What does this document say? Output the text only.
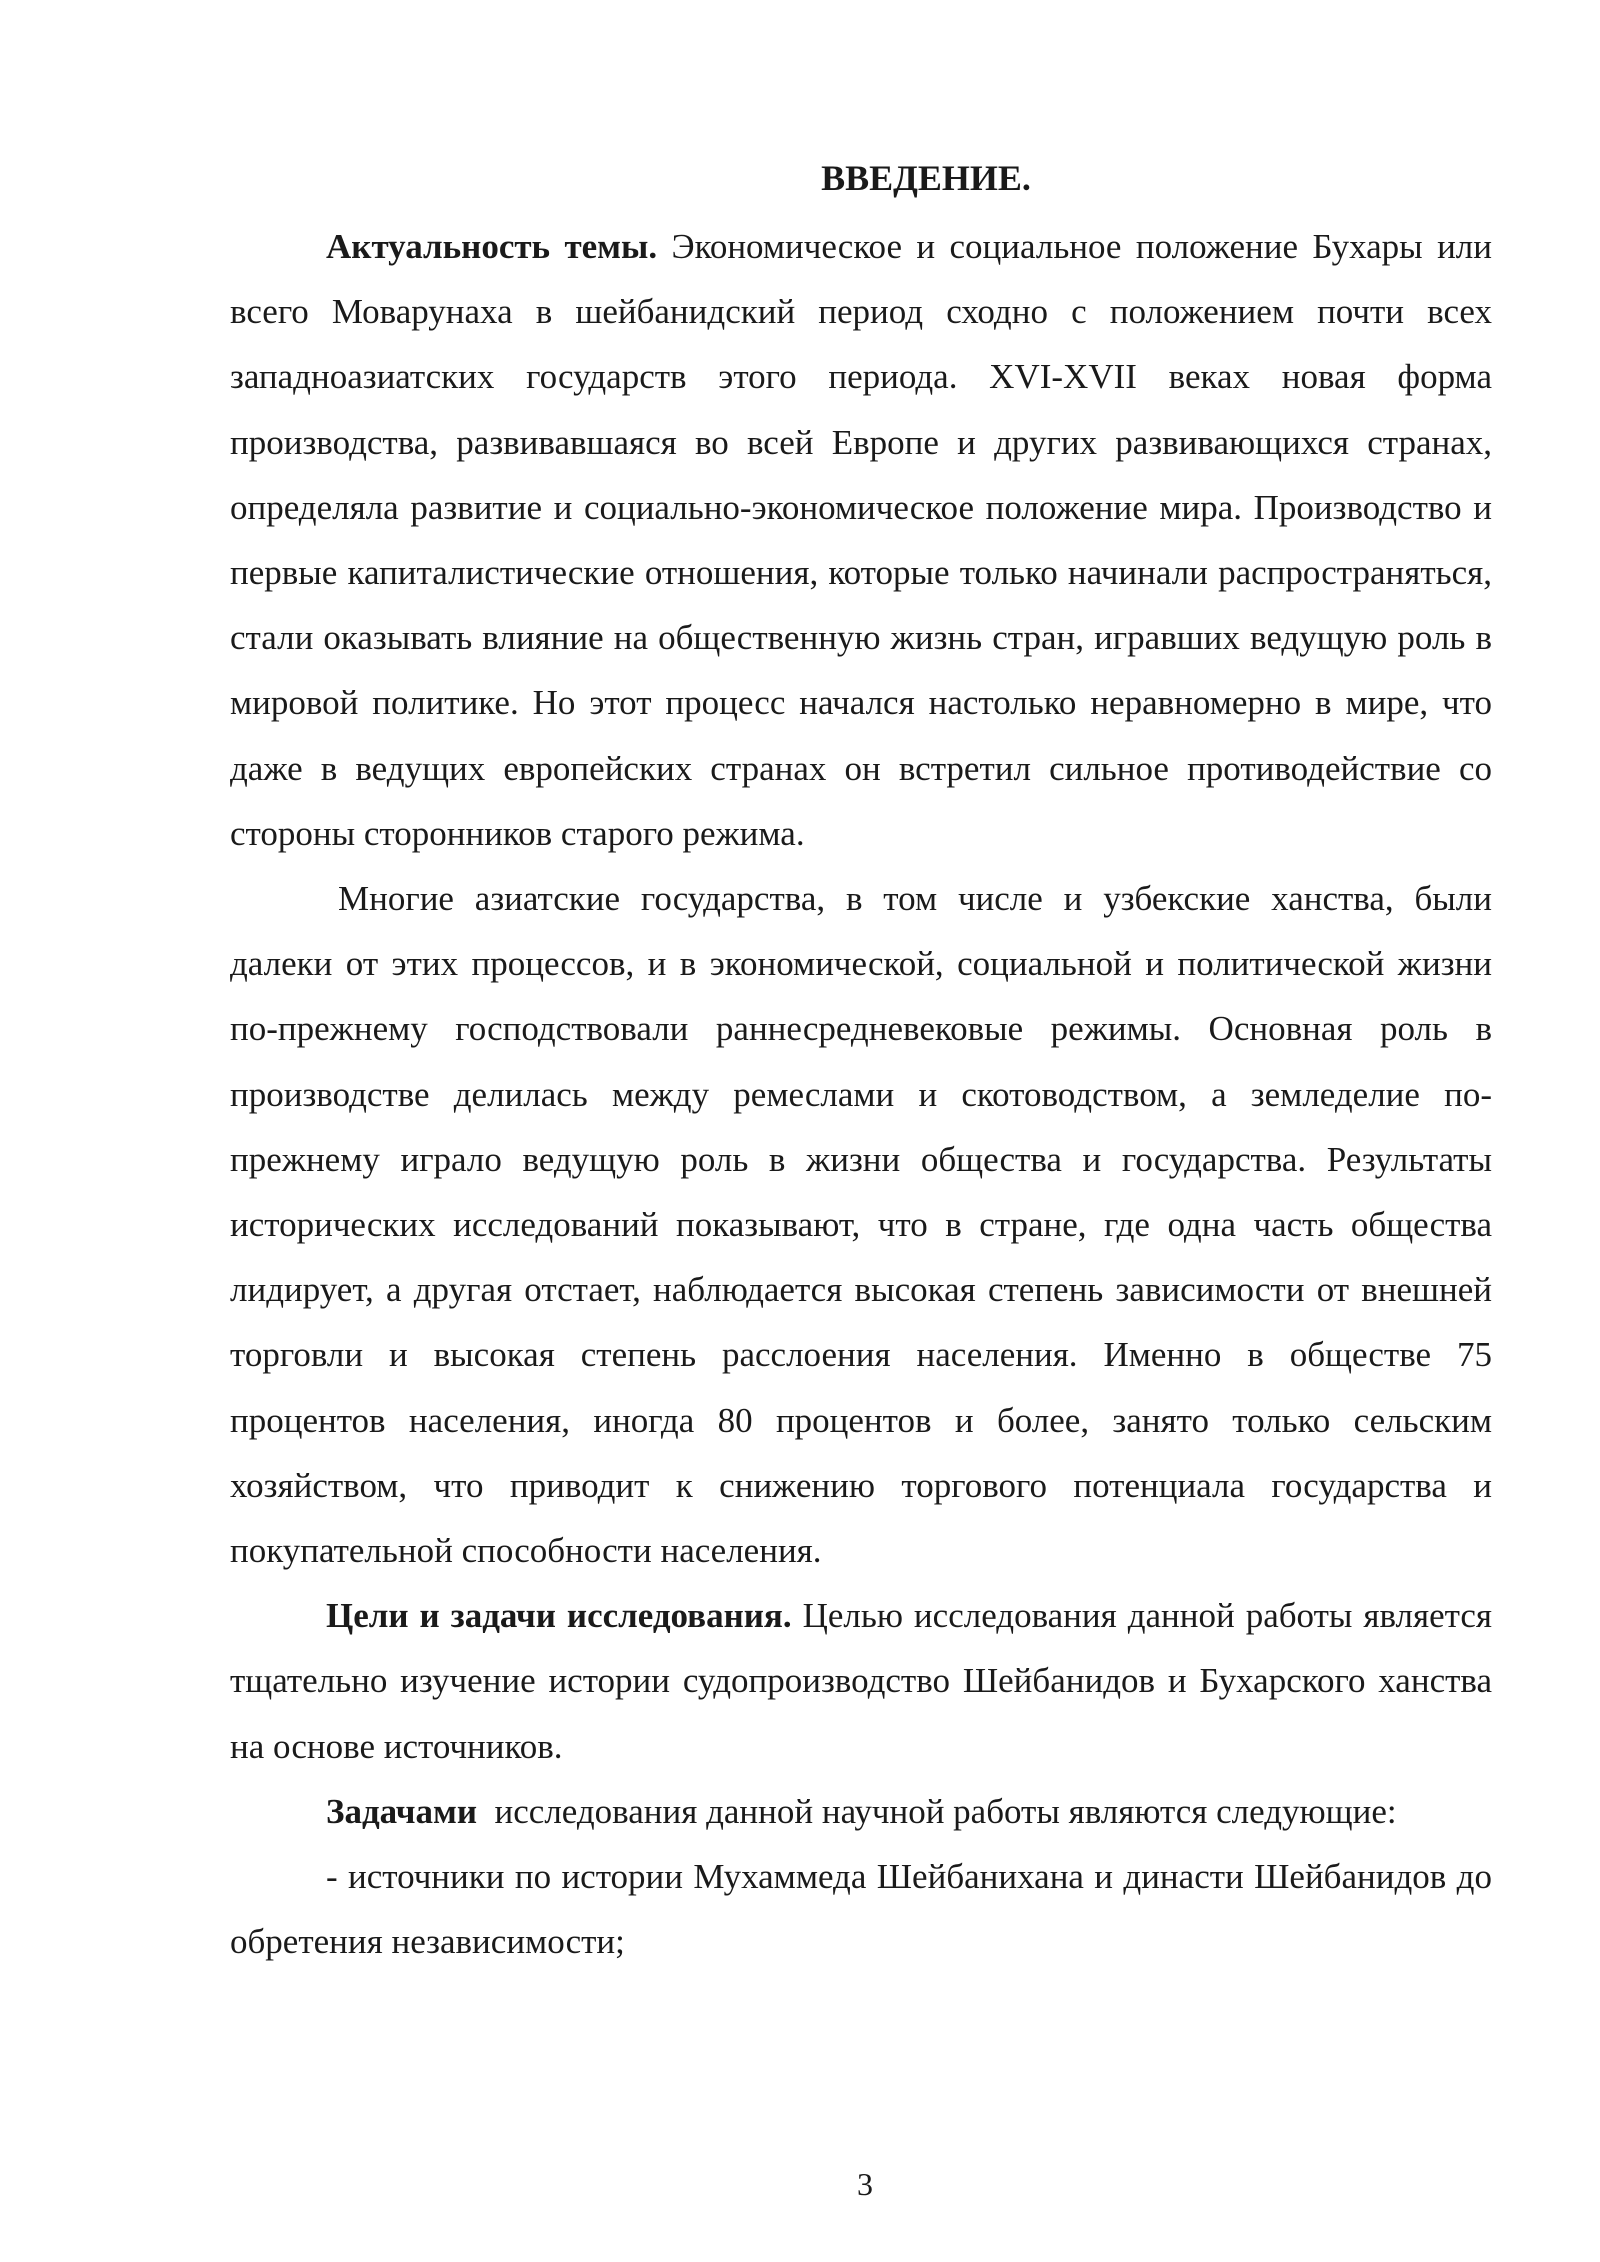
ВВЕДЕНИЕ.

Актуальность темы. Экономическое и социальное положение Бухары или всего Моварунаха в шейбанидский период сходно с положением почти всех западноазиатских государств этого периода. XVI-XVII веках новая форма производства, развивавшаяся во всей Европе и других развивающихся странах, определяла развитие и социально-экономическое положение мира. Производство и первые капиталистические отношения, которые только начинали распространяться, стали оказывать влияние на общественную жизнь стран, игравших ведущую роль в мировой политике. Но этот процесс начался настолько неравномерно в мире, что даже в ведущих европейских странах он встретил сильное противодействие со стороны сторонников старого режима.

Многие азиатские государства, в том числе и узбекские ханства, были далеки от этих процессов, и в экономической, социальной и политической жизни по-прежнему господствовали раннесредневековые режимы. Основная роль в производстве делилась между ремеслами и скотоводством, а земледелие по-прежнему играло ведущую роль в жизни общества и государства. Результаты исторических исследований показывают, что в стране, где одна часть общества лидирует, а другая отстает, наблюдается высокая степень зависимости от внешней торговли и высокая степень расслоения населения. Именно в обществе 75 процентов населения, иногда 80 процентов и более, занято только сельским хозяйством, что приводит к снижению торгового потенциала государства и покупательной способности населения.

Цели и задачи исследования. Целью исследования данной работы является тщательно изучение истории судопроизводство Шейбанидов и Бухарского ханства на основе источников.

Задачами  исследования данной научной работы являются следующие:

- источники по истории Мухаммеда Шейбанихана и династи Шейбанидов до обретения независимости;

3
